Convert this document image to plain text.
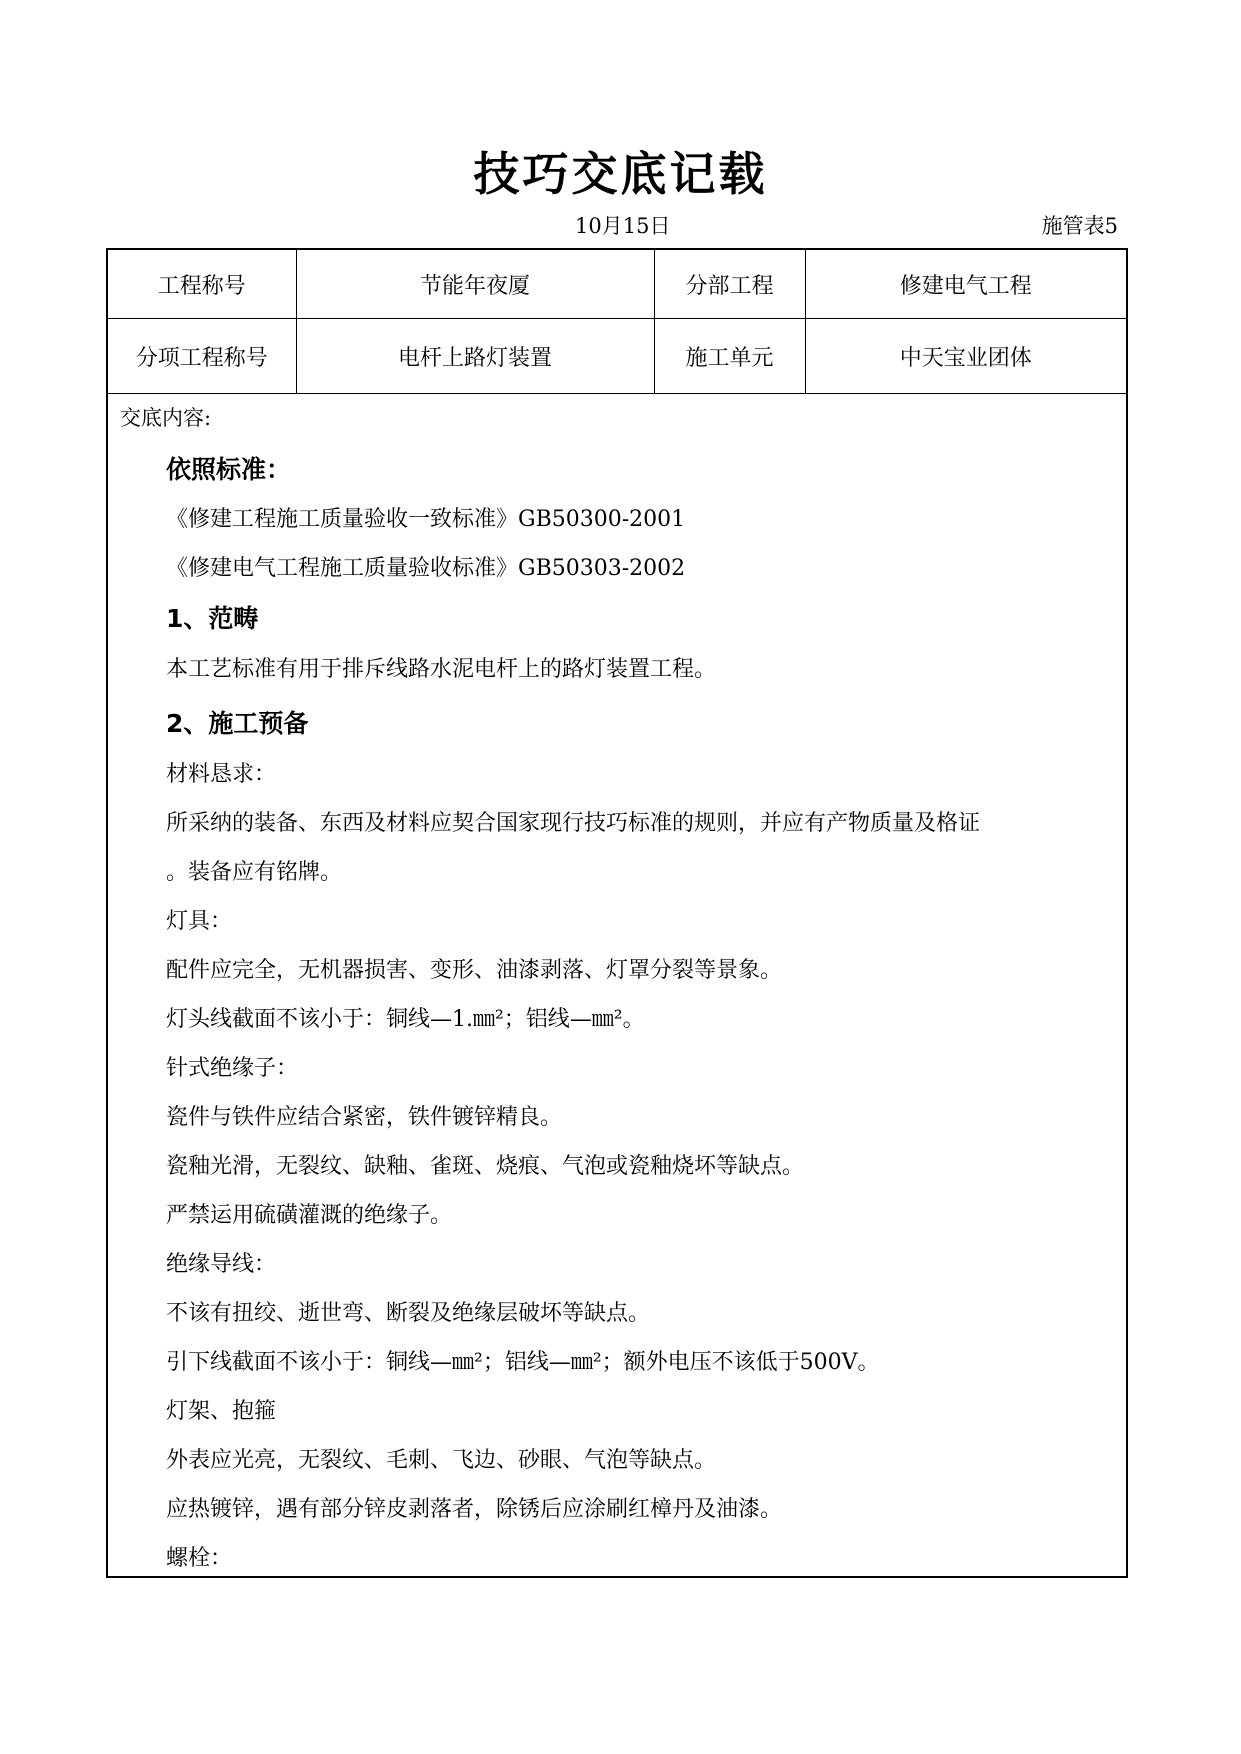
技巧交底记载
10月15日	施管表5
工程称号	节能年夜厦	分部工程	修建电气工程
分项工程称号	电杆上路灯装置	施工单元	中天宝业团体
交底内容:
依照标准：
《修建工程施工质量验收一致标准》GB50300-2001
《修建电气工程施工质量验收标准》GB50303-2002
1、范畴
本工艺标准有用于排斥线路水泥电杆上的路灯装置工程。
2、施工预备
材料恳求：
所采纳的装备、东西及材料应契合国家现行技巧标准的规则，并应有产物质量及格证
。装备应有铭牌。
灯具：
配件应完全，无机器损害、变形、油漆剥落、灯罩分裂等景象。
灯头线截面不该小于：铜线—1.㎜²；铝线—㎜²。
针式绝缘子：
瓷件与铁件应结合紧密，铁件镀锌精良。
瓷釉光滑，无裂纹、缺釉、雀斑、烧痕、气泡或瓷釉烧坏等缺点。
严禁运用硫磺灌溉的绝缘子。
绝缘导线：
不该有扭绞、逝世弯、断裂及绝缘层破坏等缺点。
引下线截面不该小于：铜线—㎜²；铝线—㎜²；额外电压不该低于500V。
灯架、抱箍
外表应光亮，无裂纹、毛刺、飞边、砂眼、气泡等缺点。
应热镀锌，遇有部分锌皮剥落者，除锈后应涂刷红樟丹及油漆。
螺栓：
